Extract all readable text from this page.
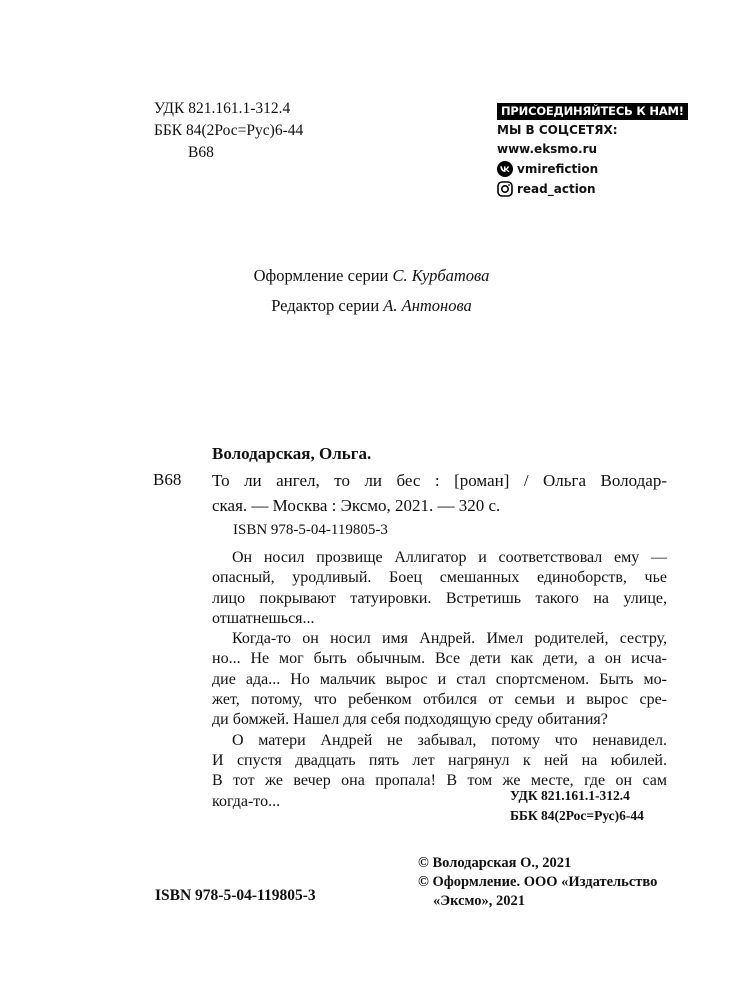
УДК 821.161.1-312.4
ББК 84(2Рос=Рус)6-44
В68
ПРИСОЕДИНЯЙТЕСЬ К НАМ!
МЫ В СОЦСЕТЯХ:
www.eksmo.ru
vmirefiction
read_action
Оформление серии С. Курбатова
Редактор серии А. Антонова
Володарская, Ольга.
В68 То ли ангел, то ли бес : [роман] / Ольга Володар-
ская. — Москва : Эксмо, 2021. — 320 с.
ISBN 978-5-04-119805-3
Он носил прозвище Аллигатор и соответствовал ему —
опасный, уродливый. Боец смешанных единоборств, чье
лицо покрывают татуировки. Встретишь такого на улице,
отшатнешься...
Когда-то он носил имя Андрей. Имел родителей, сестру,
но... Не мог быть обычным. Все дети как дети, а он исча-
дие ада... Но мальчик вырос и стал спортсменом. Быть мо-
жет, потому, что ребенком отбился от семьи и вырос сре-
ди бомжей. Нашел для себя подходящую среду обитания?
О матери Андрей не забывал, потому что ненавидел.
И спустя двадцать пять лет нагрянул к ней на юбилей.
В тот же вечер она пропала! В том же месте, где он сам
когда-то...	УДК 821.161.1-312.4
ББК 84(2Рос=Рус)6-44
© Володарская О., 2021
© Оформление. ООО «Издательство
«Эксмо», 2021
ISBN 978-5-04-119805-3
